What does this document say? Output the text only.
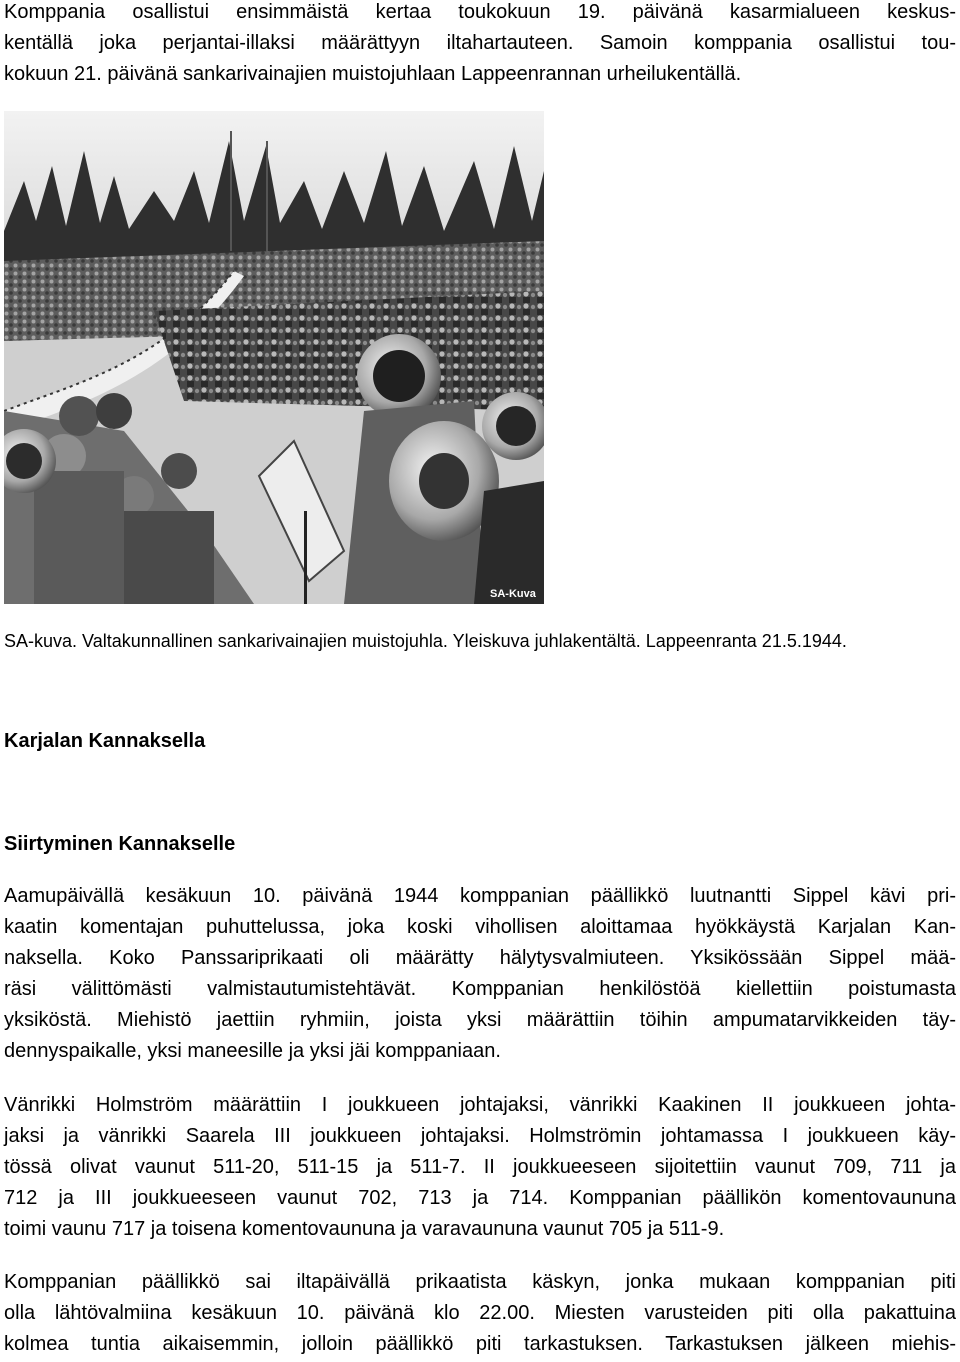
Komppania osallistui ensimmäistä kertaa toukokuun 19. päivänä kasarmialueen keskus-

kentällä joka perjantai-illaksi määrättyyn iltahartauteen. Samoin komppania osallistui tou-

kokuun 21. päivänä sankarivainajien muistojuhlaan Lappeenrannan urheilukentällä.

SA-Kuva

SA-kuva. Valtakunnallinen sankarivainajien muistojuhla. Yleiskuva juhlakentältä. Lappeenranta 21.5.1944.

Karjalan Kannaksella
Siirtyminen Kannakselle

Aamupäivällä kesäkuun 10. päivänä 1944 komppanian päällikkö luutnantti Sippel kävi pri-

kaatin komentajan puhuttelussa, joka koski vihollisen aloittamaa hyökkäystä Karjalan Kan-

naksella. Koko Panssariprikaati oli määrätty hälytysvalmiuteen. Yksikössään Sippel mää-

räsi välittömästi valmistautumistehtävät. Komppanian henkilöstöä kiellettiin poistumasta

yksiköstä. Miehistö jaettiin ryhmiin, joista yksi määrättiin töihin ampumatarvikkeiden täy-

dennyspaikalle, yksi maneesille ja yksi jäi komppaniaan.

Vänrikki Holmström määrättiin I joukkueen johtajaksi, vänrikki Kaakinen II joukkueen johta-

jaksi ja vänrikki Saarela III joukkueen johtajaksi. Holmströmin johtamassa I joukkueen käy-

tössä olivat vaunut 511-20, 511-15 ja 511-7. II joukkueeseen sijoitettiin vaunut 709, 711 ja

712 ja III joukkueeseen vaunut 702, 713 ja 714. Komppanian päällikön komentovaununa

toimi vaunu 717 ja toisena komentovaununa ja varavaununa vaunut 705 ja 511-9.

Komppanian päällikkö sai iltapäivällä prikaatista käskyn, jonka mukaan komppanian piti

olla lähtövalmiina kesäkuun 10. päivänä klo 22.00. Miesten varusteiden piti olla pakattuina

kolmea tuntia aikaisemmin, jolloin päällikkö piti tarkastuksen. Tarkastuksen jälkeen miehis-
